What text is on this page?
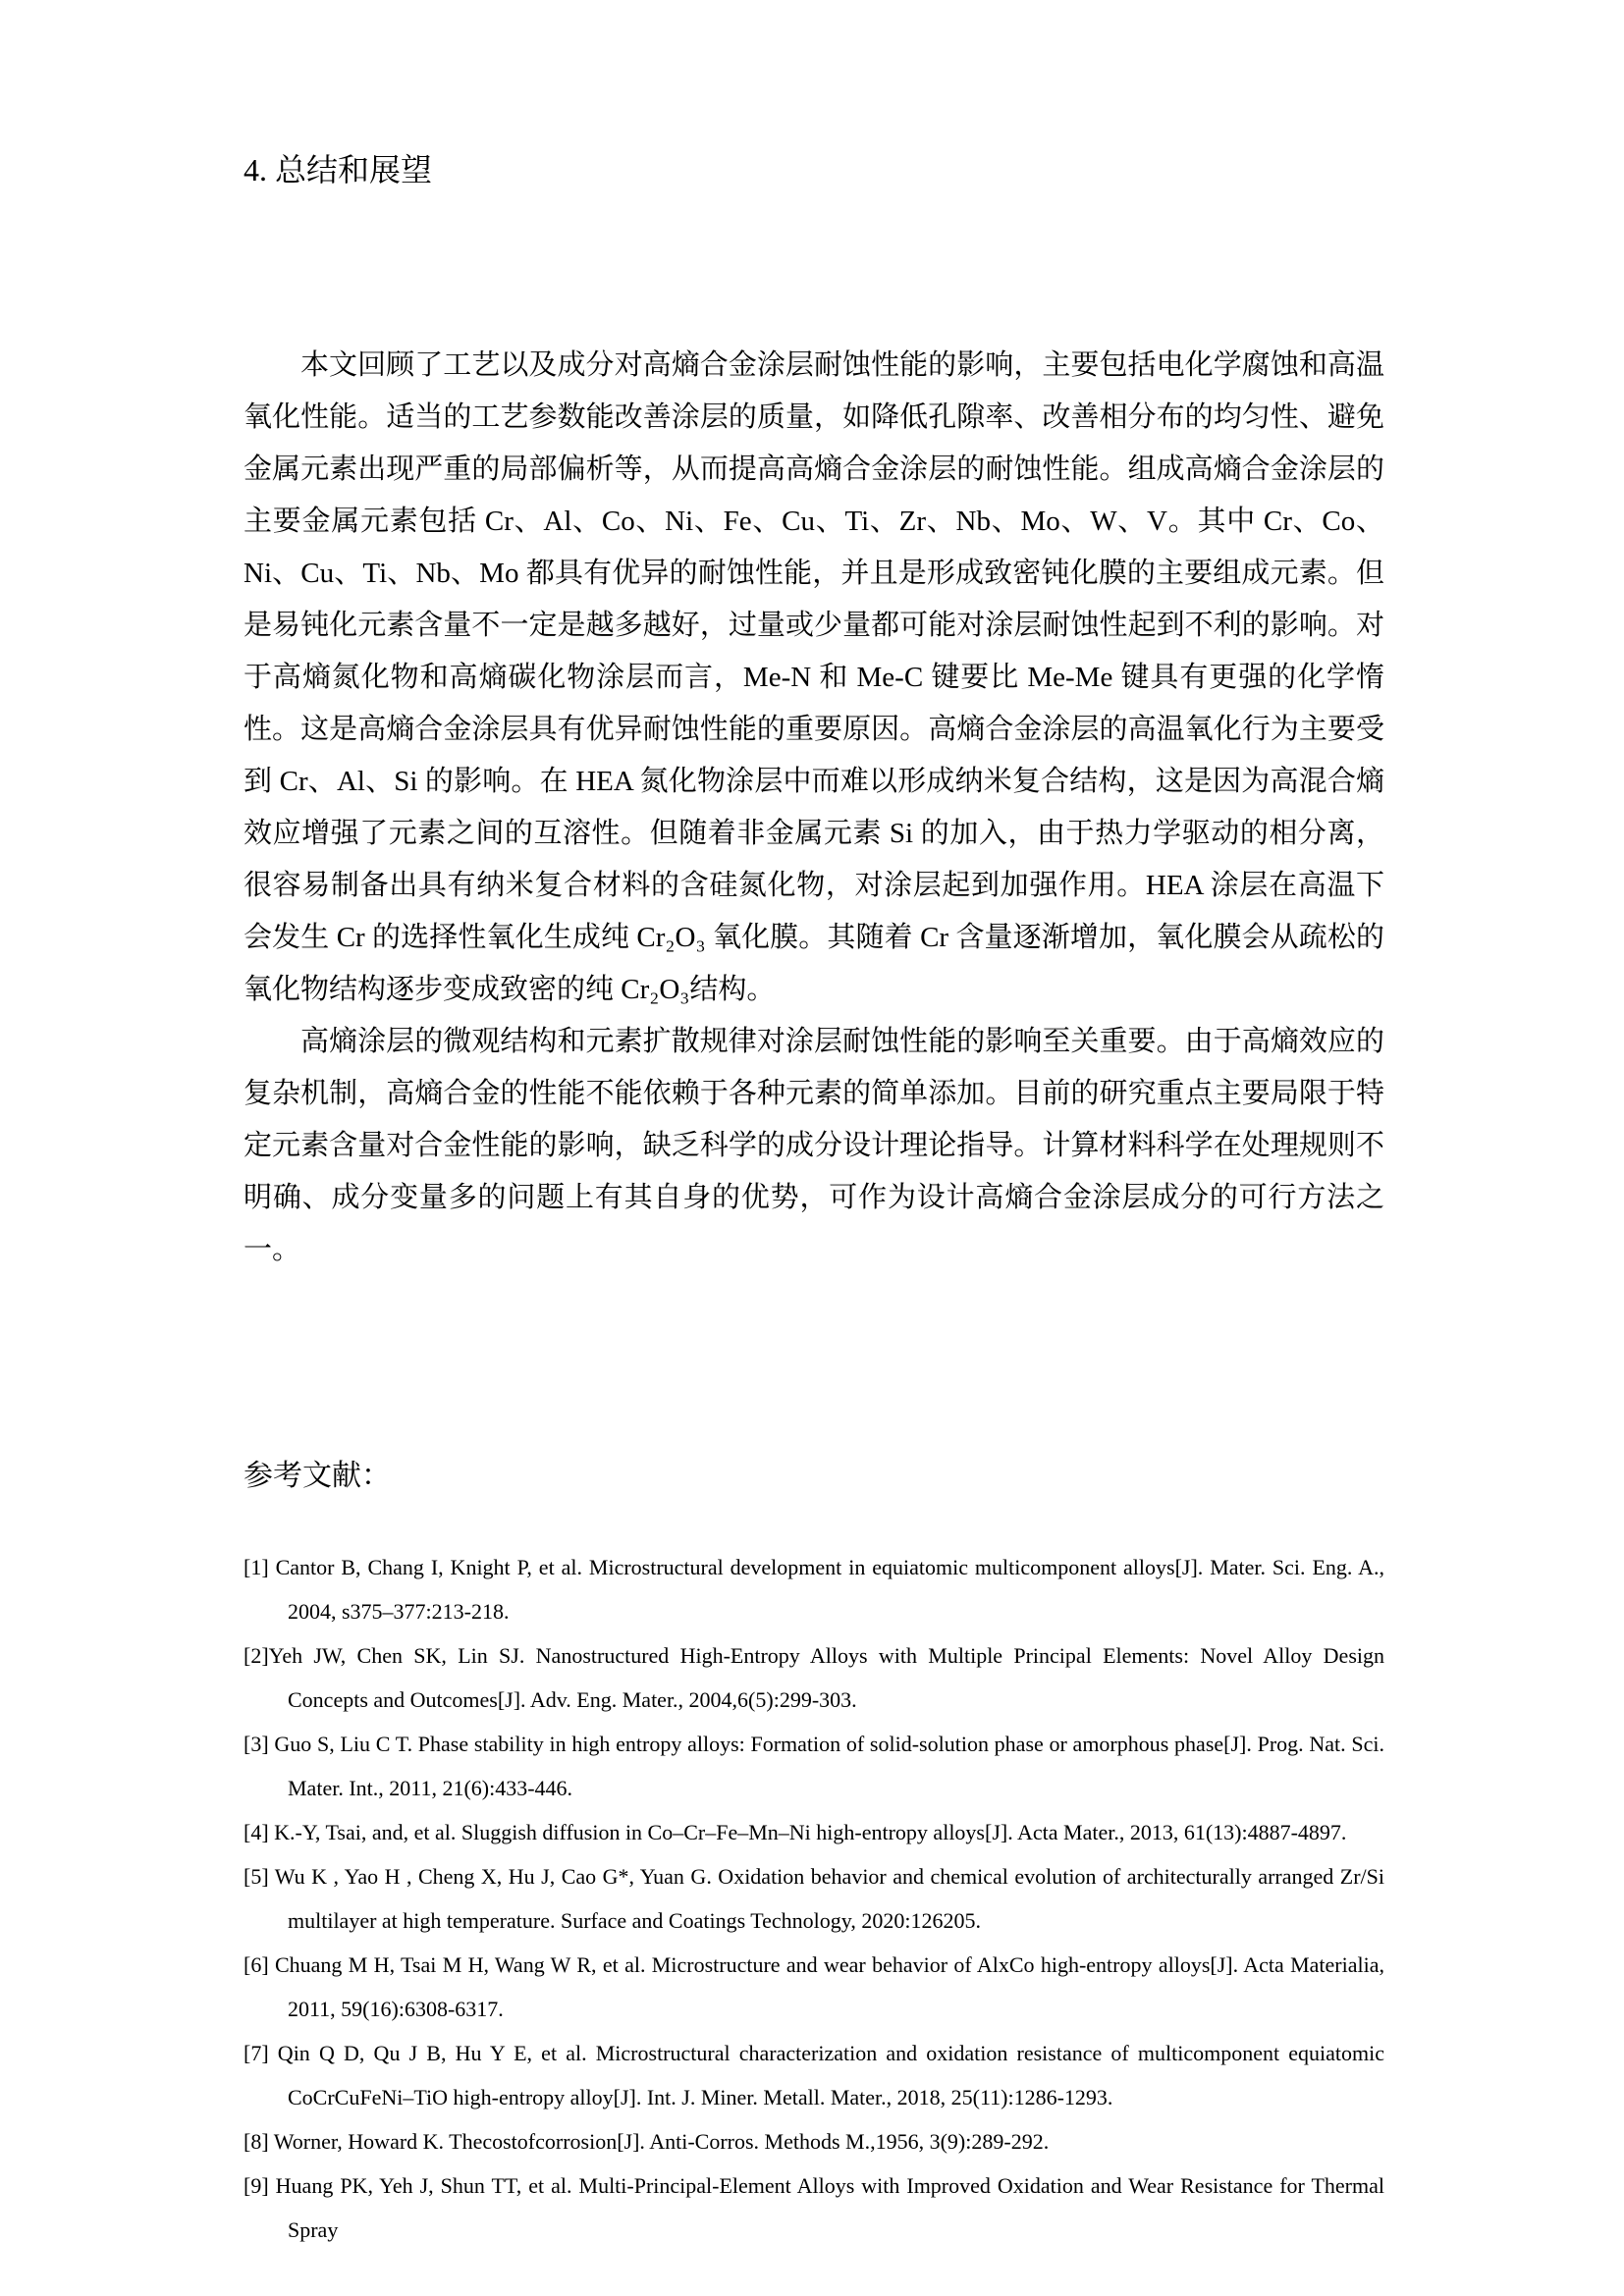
4. 总结和展望

本文回顾了工艺以及成分对高熵合金涂层耐蚀性能的影响，主要包括电化学腐蚀和高温氧化性能。适当的工艺参数能改善涂层的质量，如降低孔隙率、改善相分布的均匀性、避免金属元素出现严重的局部偏析等，从而提高高熵合金涂层的耐蚀性能。组成高熵合金涂层的主要金属元素包括 Cr、Al、Co、Ni、Fe、Cu、Ti、Zr、Nb、Mo、W、V。其中 Cr、Co、Ni、Cu、Ti、Nb、Mo 都具有优异的耐蚀性能，并且是形成致密钝化膜的主要组成元素。但是易钝化元素含量不一定是越多越好，过量或少量都可能对涂层耐蚀性起到不利的影响。对于高熵氮化物和高熵碳化物涂层而言，Me-N 和 Me-C 键要比 Me-Me 键具有更强的化学惰性。这是高熵合金涂层具有优异耐蚀性能的重要原因。高熵合金涂层的高温氧化行为主要受到 Cr、Al、Si 的影响。在 HEA 氮化物涂层中而难以形成纳米复合结构，这是因为高混合熵效应增强了元素之间的互溶性。但随着非金属元素 Si 的加入，由于热力学驱动的相分离，很容易制备出具有纳米复合材料的含硅氮化物，对涂层起到加强作用。HEA 涂层在高温下会发生 Cr 的选择性氧化生成纯 Cr₂O₃ 氧化膜。其随着 Cr 含量逐渐增加，氧化膜会从疏松的氧化物结构逐步变成致密的纯 Cr₂O₃结构。

高熵涂层的微观结构和元素扩散规律对涂层耐蚀性能的影响至关重要。由于高熵效应的复杂机制，高熵合金的性能不能依赖于各种元素的简单添加。目前的研究重点主要局限于特定元素含量对合金性能的影响，缺乏科学的成分设计理论指导。计算材料科学在处理规则不明确、成分变量多的问题上有其自身的优势，可作为设计高熵合金涂层成分的可行方法之一。

参考文献：
[1] Cantor B, Chang I, Knight P, et al. Microstructural development in equiatomic multicomponent alloys[J]. Mater. Sci. Eng. A., 2004, s375–377:213-218.
[2]Yeh JW, Chen SK, Lin SJ. Nanostructured High-Entropy Alloys with Multiple Principal Elements: Novel Alloy Design Concepts and Outcomes[J]. Adv. Eng. Mater., 2004,6(5):299-303.
[3] Guo S, Liu C T. Phase stability in high entropy alloys: Formation of solid-solution phase or amorphous phase[J]. Prog. Nat. Sci. Mater. Int., 2011, 21(6):433-446.
[4] K.-Y, Tsai, and, et al. Sluggish diffusion in Co–Cr–Fe–Mn–Ni high-entropy alloys[J]. Acta Mater., 2013, 61(13):4887-4897.
[5] Wu K , Yao H , Cheng X, Hu J, Cao G*, Yuan G. Oxidation behavior and chemical evolution of architecturally arranged Zr/Si multilayer at high temperature. Surface and Coatings Technology, 2020:126205.
[6] Chuang M H, Tsai M H, Wang W R, et al. Microstructure and wear behavior of AlxCo high-entropy alloys[J]. Acta Materialia, 2011, 59(16):6308-6317.
[7] Qin Q D, Qu J B, Hu Y E, et al. Microstructural characterization and oxidation resistance of multicomponent equiatomic CoCrCuFeNi–TiO high-entropy alloy[J]. Int. J. Miner. Metall. Mater., 2018, 25(11):1286-1293.
[8] Worner, Howard K. Thecostofcorrosion[J]. Anti-Corros. Methods M.,1956, 3(9):289-292.
[9] Huang PK, Yeh J, Shun TT, et al. Multi-Principal-Element Alloys with Improved Oxidation and Wear Resistance for Thermal Spray
